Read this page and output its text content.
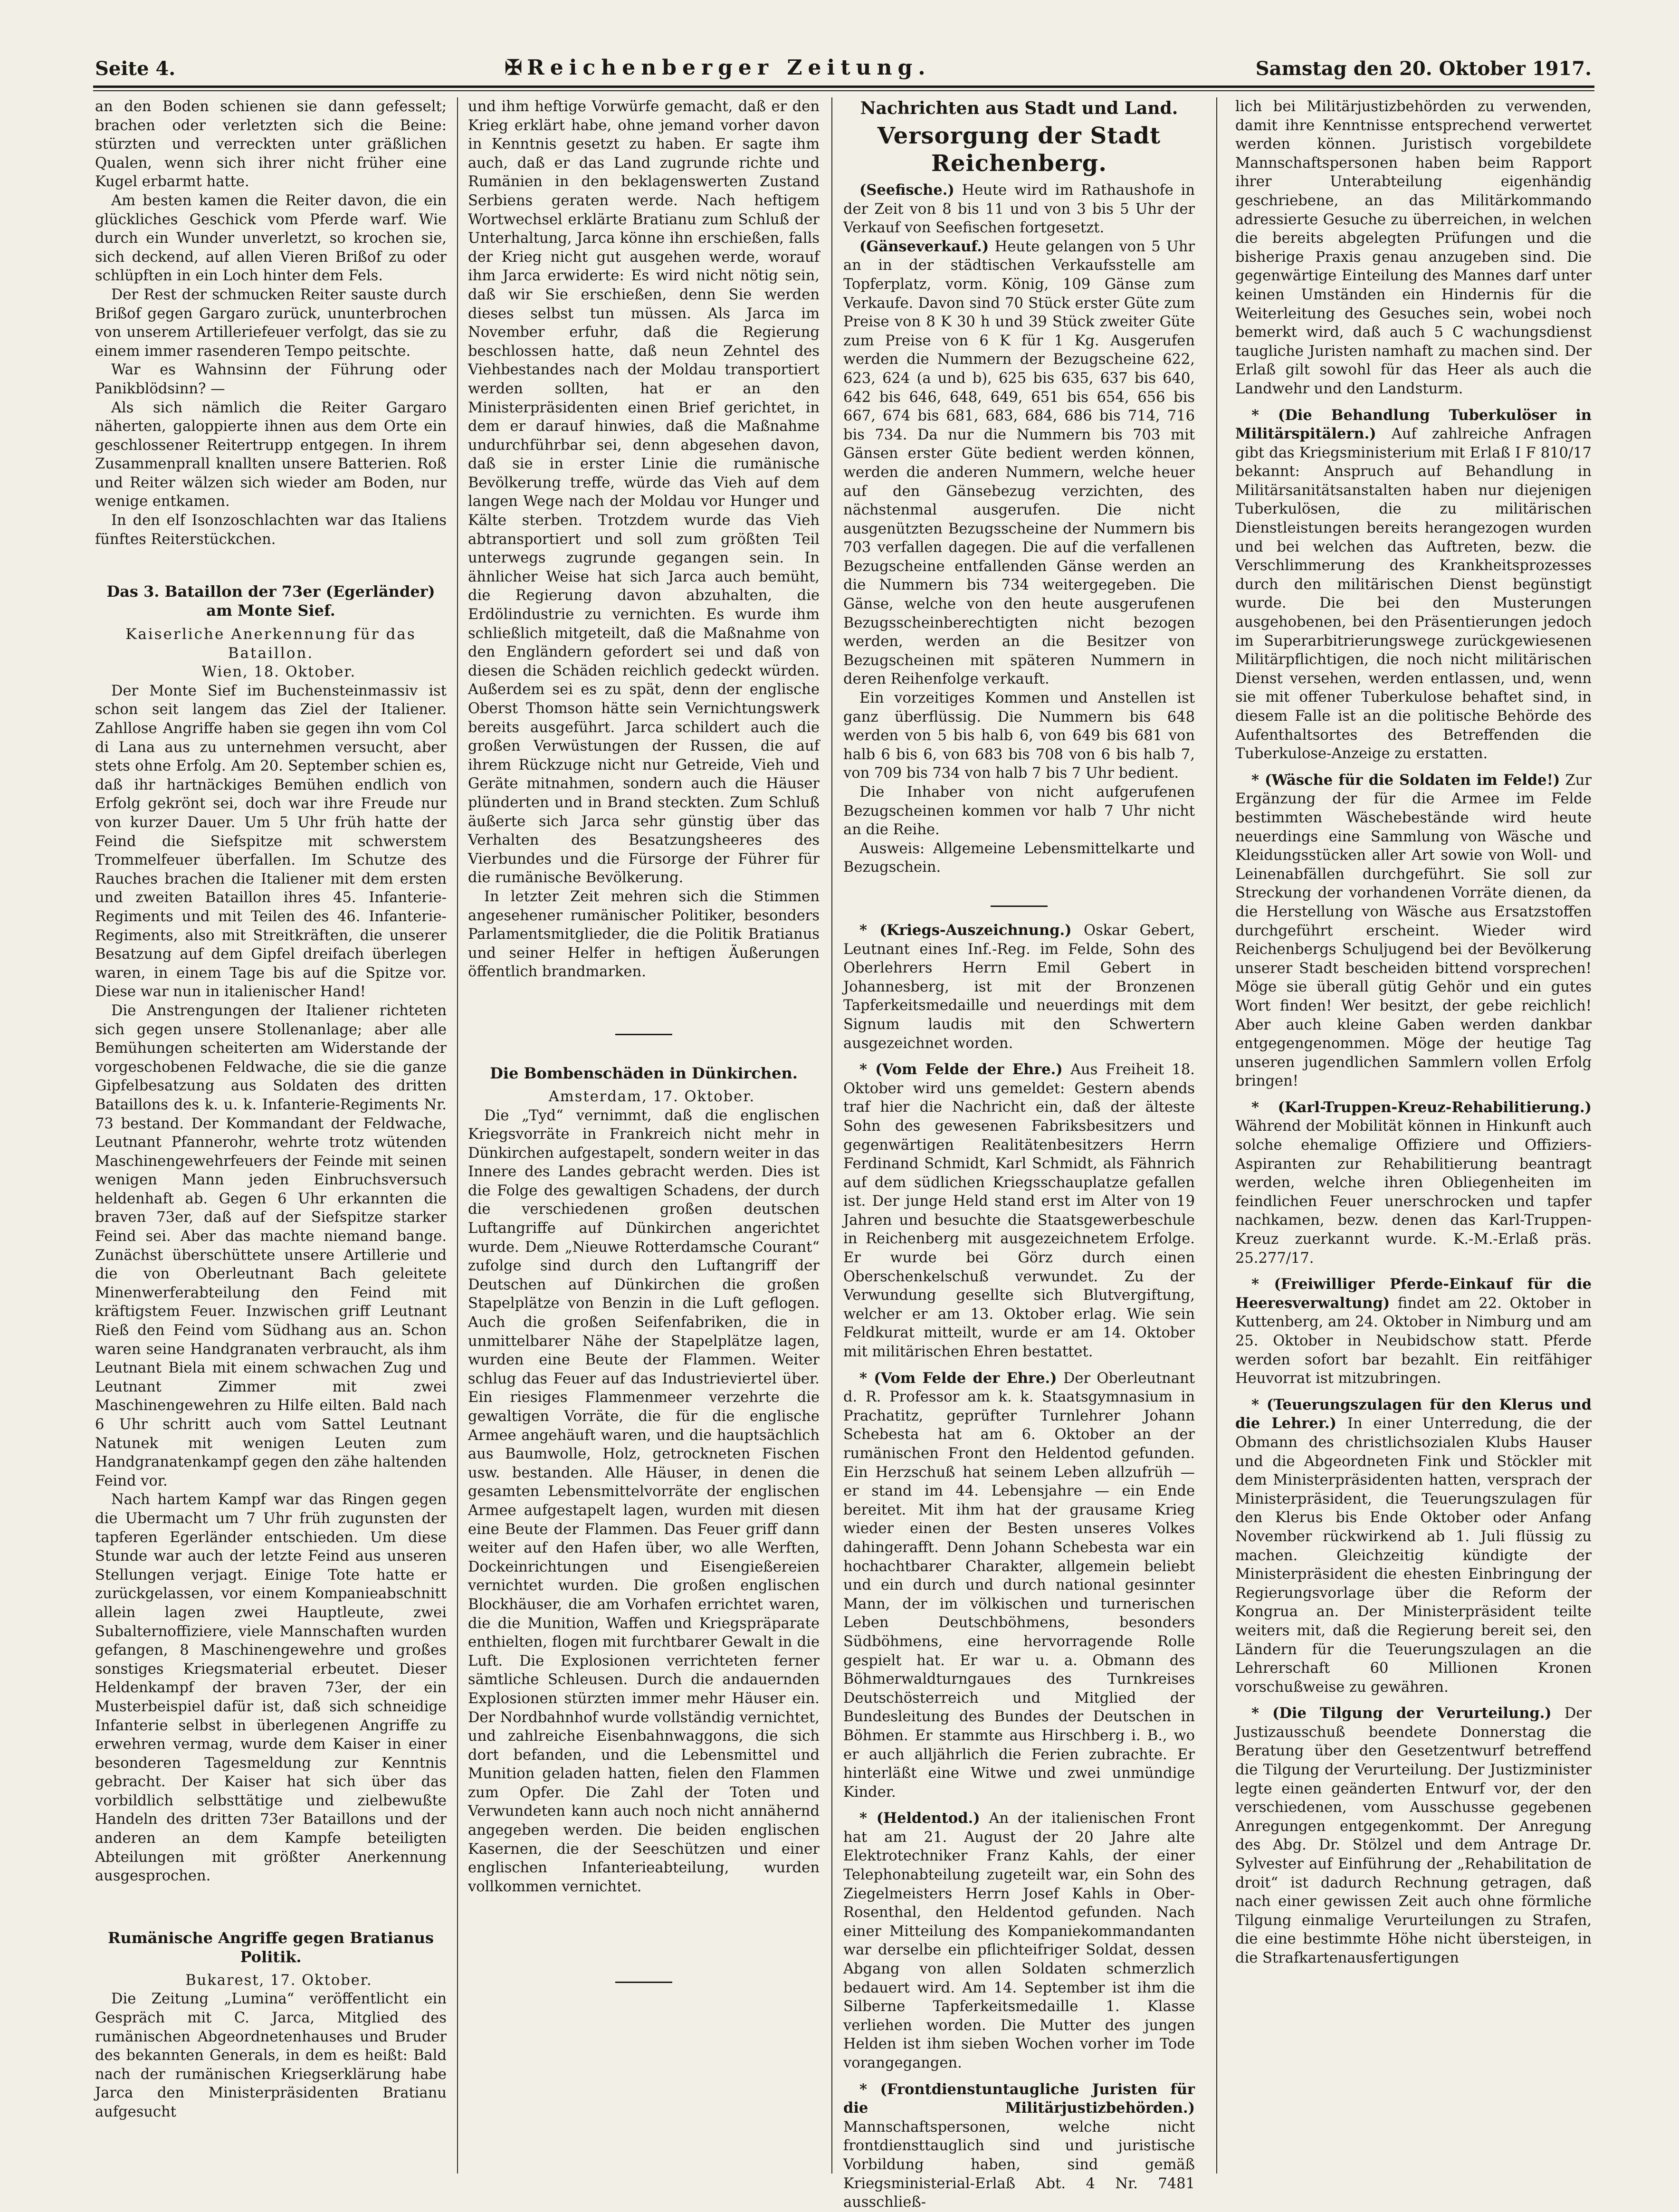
Seite 4.	✠ Reichenberger Zeitung.	Samstag den 20. Oktober 1917.

an den Boden schienen sie dann gefesselt; brachen oder verletzten sich die Beine: stürzten und verreckten unter gräßlichen Qualen, wenn sich ihrer nicht früher eine Kugel erbarmt hatte.

Am besten kamen die Reiter davon, die ein glückliches Geschick vom Pferde warf. Wie durch ein Wunder unverletzt, so krochen sie, sich deckend, auf allen Vieren Brißof zu oder schlüpften in ein Loch hinter dem Fels.

Der Rest der schmucken Reiter sauste durch Brißof gegen Gargaro zurück, ununterbrochen von unserem Artilleriefeuer verfolgt, das sie zu einem immer rasenderen Tempo peitschte.

War es Wahnsinn der Führung oder Panikblödsinn? —

Als sich nämlich die Reiter Gargaro näherten, galoppierte ihnen aus dem Orte ein geschlossener Reitertrupp entgegen. In ihrem Zusammenprall knallten unsere Batterien. Roß und Reiter wälzen sich wieder am Boden, nur wenige entkamen.

In den elf Isonzoschlachten war das Italiens fünftes Reiterstückchen.

Das 3. Bataillon der 73er (Egerländer) am Monte Sief.
Kaiserliche Anerkennung für das Bataillon.

Wien, 18. Oktober.

Der Monte Sief im Buchensteinmassiv ist schon seit langem das Ziel der Italiener. Zahllose Angriffe haben sie gegen ihn vom Col di Lana aus zu unternehmen versucht, aber stets ohne Erfolg. Am 20. September schien es, daß ihr hartnäckiges Bemühen endlich von Erfolg gekrönt sei, doch war ihre Freude nur von kurzer Dauer. Um 5 Uhr früh hatte der Feind die Siefspitze mit schwerstem Trommelfeuer überfallen. Im Schutze des Rauches brachen die Italiener mit dem ersten und zweiten Bataillon ihres 45. Infanterie-Regiments und mit Teilen des 46. Infanterie-Regiments, also mit Streitkräften, die unserer Besatzung auf dem Gipfel dreifach überlegen waren, in einem Tage bis auf die Spitze vor. Diese war nun in italienischer Hand!

Die Anstrengungen der Italiener richteten sich gegen unsere Stollenanlage; aber alle Bemühungen scheiterten am Widerstande der vorgeschobenen Feldwache, die sie die ganze Gipfelbesatzung aus Soldaten des dritten Bataillons des k. u. k. Infanterie-Regiments Nr. 73 bestand. Der Kommandant der Feldwache, Leutnant Pfannerohr, wehrte trotz wütenden Maschinengewehrfeuers der Feinde mit seinen wenigen Mann jeden Einbruchsversuch heldenhaft ab. Gegen 6 Uhr erkannten die braven 73er, daß auf der Siefspitze starker Feind sei. Aber das machte niemand bange. Zunächst überschüttete unsere Artillerie und die von Oberleutnant Bach geleitete Minenwerferabteilung den Feind mit kräftigstem Feuer. Inzwischen griff Leutnant Rieß den Feind vom Südhang aus an. Schon waren seine Handgranaten verbraucht, als ihm Leutnant Biela mit einem schwachen Zug und Leutnant Zimmer mit zwei Maschinengewehren zu Hilfe eilten. Bald nach 6 Uhr schritt auch vom Sattel Leutnant Natunek mit wenigen Leuten zum Handgranatenkampf gegen den zähe haltenden Feind vor.

Nach hartem Kampf war das Ringen gegen die Ubermacht um 7 Uhr früh zugunsten der tapferen Egerländer entschieden. Um diese Stunde war auch der letzte Feind aus unseren Stellungen verjagt. Einige Tote hatte er zurückgelassen, vor einem Kompanieabschnitt allein lagen zwei Hauptleute, zwei Subalternoffiziere, viele Mannschaften wurden gefangen, 8 Maschinengewehre und großes sonstiges Kriegsmaterial erbeutet. Dieser Heldenkampf der braven 73er, der ein Musterbeispiel dafür ist, daß sich schneidige Infanterie selbst in überlegenen Angriffe zu erwehren vermag, wurde dem Kaiser in einer besonderen Tagesmeldung zur Kenntnis gebracht. Der Kaiser hat sich über das vorbildlich selbsttätige und zielbewußte Handeln des dritten 73er Bataillons und der anderen an dem Kampfe beteiligten Abteilungen mit größter Anerkennung ausgesprochen.

Rumänische Angriffe gegen Bratianus Politik.

Bukarest, 17. Oktober.

Die Zeitung „Lumina“ veröffentlicht ein Gespräch mit C. Jarca, Mitglied des rumänischen Abgeordnetenhauses und Bruder des bekannten Generals, in dem es heißt: Bald nach der rumänischen Kriegserklärung habe Jarca den Ministerpräsidenten Bratianu aufgesucht

und ihm heftige Vorwürfe gemacht, daß er den Krieg erklärt habe, ohne jemand vorher davon in Kenntnis gesetzt zu haben. Er sagte ihm auch, daß er das Land zugrunde richte und Rumänien in den beklagenswerten Zustand Serbiens geraten werde. Nach heftigem Wortwechsel erklärte Bratianu zum Schluß der Unterhaltung, Jarca könne ihn erschießen, falls der Krieg nicht gut ausgehen werde, worauf ihm Jarca erwiderte: Es wird nicht nötig sein, daß wir Sie erschießen, denn Sie werden dieses selbst tun müssen. Als Jarca im November erfuhr, daß die Regierung beschlossen hatte, daß neun Zehntel des Viehbestandes nach der Moldau transportiert werden sollten, hat er an den Ministerpräsidenten einen Brief gerichtet, in dem er darauf hinwies, daß die Maßnahme undurchführbar sei, denn abgesehen davon, daß sie in erster Linie die rumänische Bevölkerung treffe, würde das Vieh auf dem langen Wege nach der Moldau vor Hunger und Kälte sterben. Trotzdem wurde das Vieh abtransportiert und soll zum größten Teil unterwegs zugrunde gegangen sein. In ähnlicher Weise hat sich Jarca auch bemüht, die Regierung davon abzuhalten, die Erdölindustrie zu vernichten. Es wurde ihm schließlich mitgeteilt, daß die Maßnahme von den Engländern gefordert sei und daß von diesen die Schäden reichlich gedeckt würden. Außerdem sei es zu spät, denn der englische Oberst Thomson hätte sein Vernichtungswerk bereits ausgeführt. Jarca schildert auch die großen Verwüstungen der Russen, die auf ihrem Rückzuge nicht nur Getreide, Vieh und Geräte mitnahmen, sondern auch die Häuser plünderten und in Brand steckten. Zum Schluß äußerte sich Jarca sehr günstig über das Verhalten des Besatzungsheeres des Vierbundes und die Fürsorge der Führer für die rumänische Bevölkerung.

In letzter Zeit mehren sich die Stimmen angesehener rumänischer Politiker, besonders Parlamentsmitglieder, die die Politik Bratianus und seiner Helfer in heftigen Äußerungen öffentlich brandmarken.

Die Bombenschäden in Dünkirchen.

Amsterdam, 17. Oktober.

Die „Tyd“ vernimmt, daß die englischen Kriegsvorräte in Frankreich nicht mehr in Dünkirchen aufgestapelt, sondern weiter in das Innere des Landes gebracht werden. Dies ist die Folge des gewaltigen Schadens, der durch die verschiedenen großen deutschen Luftangriffe auf Dünkirchen angerichtet wurde. Dem „Nieuwe Rotterdamsche Courant“ zufolge sind durch den Luftangriff der Deutschen auf Dünkirchen die großen Stapelplätze von Benzin in die Luft geflogen. Auch die großen Seifenfabriken, die in unmittelbarer Nähe der Stapelplätze lagen, wurden eine Beute der Flammen. Weiter schlug das Feuer auf das Industrieviertel über. Ein riesiges Flammenmeer verzehrte die gewaltigen Vorräte, die für die englische Armee angehäuft waren, und die hauptsächlich aus Baumwolle, Holz, getrockneten Fischen usw. bestanden. Alle Häuser, in denen die gesamten Lebensmittelvorräte der englischen Armee aufgestapelt lagen, wurden mit diesen eine Beute der Flammen. Das Feuer griff dann weiter auf den Hafen über, wo alle Werften, Dockeinrichtungen und Eisengießereien vernichtet wurden. Die großen englischen Blockhäuser, die am Vorhafen errichtet waren, die die Munition, Waffen und Kriegspräparate enthielten, flogen mit furchtbarer Gewalt in die Luft. Die Explosionen verrichteten ferner sämtliche Schleusen. Durch die andauernden Explosionen stürzten immer mehr Häuser ein. Der Nordbahnhof wurde vollständig vernichtet, und zahlreiche Eisenbahnwaggons, die sich dort befanden, und die Lebensmittel und Munition geladen hatten, fielen den Flammen zum Opfer. Die Zahl der Toten und Verwundeten kann auch noch nicht annähernd angegeben werden. Die beiden englischen Kasernen, die der Seeschützen und einer englischen Infanterieabteilung, wurden vollkommen vernichtet.

Nachrichten aus Stadt und Land.
Versorgung der Stadt Reichenberg.

(Seefische.) Heute wird im Rathaushofe in der Zeit von 8 bis 11 und von 3 bis 5 Uhr der Verkauf von Seefischen fortgesetzt.

(Gänseverkauf.) Heute gelangen von 5 Uhr an in der städtischen Verkaufsstelle am Topferplatz, vorm. König, 109 Gänse zum Verkaufe. Davon sind 70 Stück erster Güte zum Preise von 8 K 30 h und 39 Stück zweiter Güte zum Preise von 6 K für 1 Kg. Ausgerufen werden die Nummern der Bezugscheine 622, 623, 624 (a und b), 625 bis 635, 637 bis 640, 642 bis 646, 648, 649, 651 bis 654, 656 bis 667, 674 bis 681, 683, 684, 686 bis 714, 716 bis 734. Da nur die Nummern bis 703 mit Gänsen erster Güte bedient werden können, werden die anderen Nummern, welche heuer auf den Gänsebezug verzichten, des nächstenmal ausgerufen. Die nicht ausgenützten Bezugsscheine der Nummern bis 703 verfallen dagegen. Die auf die verfallenen Bezugscheine entfallenden Gänse werden an die Nummern bis 734 weitergegeben. Die Gänse, welche von den heute ausgerufenen Bezugsscheinberechtigten nicht bezogen werden, werden an die Besitzer von Bezugscheinen mit späteren Nummern in deren Reihenfolge verkauft.

Ein vorzeitiges Kommen und Anstellen ist ganz überflüssig. Die Nummern bis 648 werden von 5 bis halb 6, von 649 bis 681 von halb 6 bis 6, von 683 bis 708 von 6 bis halb 7, von 709 bis 734 von halb 7 bis 7 Uhr bedient.

Die Inhaber von nicht aufgerufenen Bezugscheinen kommen vor halb 7 Uhr nicht an die Reihe.

Ausweis: Allgemeine Lebensmittelkarte und Bezugschein.

* (Kriegs-Auszeichnung.) Oskar Gebert, Leutnant eines Inf.-Reg. im Felde, Sohn des Oberlehrers Herrn Emil Gebert in Johannesberg, ist mit der Bronzenen Tapferkeitsmedaille und neuerdings mit dem Signum laudis mit den Schwertern ausgezeichnet worden.

* (Vom Felde der Ehre.) Aus Freiheit 18. Oktober wird uns gemeldet: Gestern abends traf hier die Nachricht ein, daß der älteste Sohn des gewesenen Fabriksbesitzers und gegenwärtigen Realitätenbesitzers Herrn Ferdinand Schmidt, Karl Schmidt, als Fähnrich auf dem südlichen Kriegsschauplatze gefallen ist. Der junge Held stand erst im Alter von 19 Jahren und besuchte die Staatsgewerbeschule in Reichenberg mit ausgezeichnetem Erfolge. Er wurde bei Görz durch einen Oberschenkelschuß verwundet. Zu der Verwundung gesellte sich Blutvergiftung, welcher er am 13. Oktober erlag. Wie sein Feldkurat mitteilt, wurde er am 14. Oktober mit militärischen Ehren bestattet.

* (Vom Felde der Ehre.) Der Oberleutnant d. R. Professor am k. k. Staatsgymnasium in Prachatitz, geprüfter Turnlehrer Johann Schebesta hat am 6. Oktober an der rumänischen Front den Heldentod gefunden. Ein Herzschuß hat seinem Leben allzufrüh — er stand im 44. Lebensjahre — ein Ende bereitet. Mit ihm hat der grausame Krieg wieder einen der Besten unseres Volkes dahingerafft. Denn Johann Schebesta war ein hochachtbarer Charakter, allgemein beliebt und ein durch und durch national gesinnter Mann, der im völkischen und turnerischen Leben Deutschböhmens, besonders Südböhmens, eine hervorragende Rolle gespielt hat. Er war u. a. Obmann des Böhmerwaldturngaues des Turnkreises Deutschösterreich und Mitglied der Bundesleitung des Bundes der Deutschen in Böhmen. Er stammte aus Hirschberg i. B., wo er auch alljährlich die Ferien zubrachte. Er hinterläßt eine Witwe und zwei unmündige Kinder.

* (Heldentod.) An der italienischen Front hat am 21. August der 20 Jahre alte Elektrotechniker Franz Kahls, der einer Telephonabteilung zugeteilt war, ein Sohn des Ziegelmeisters Herrn Josef Kahls in Ober-Rosenthal, den Heldentod gefunden. Nach einer Mitteilung des Kompaniekommandanten war derselbe ein pflichteifriger Soldat, dessen Abgang von allen Soldaten schmerzlich bedauert wird. Am 14. September ist ihm die Silberne Tapferkeitsmedaille 1. Klasse verliehen worden. Die Mutter des jungen Helden ist ihm sieben Wochen vorher im Tode vorangegangen.

* (Frontdienstuntaugliche Juristen für die Militärjustizbehörden.) Mannschaftspersonen, welche nicht frontdiensttauglich sind und juristische Vorbildung haben, sind gemäß Kriegsministerial-Erlaß Abt. 4 Nr. 7481 ausschließ-

lich bei Militärjustizbehörden zu verwenden, damit ihre Kenntnisse entsprechend verwertet werden können. Juristisch vorgebildete Mannschaftspersonen haben beim Rapport ihrer Unterabteilung eigenhändig geschriebene, an das Militärkommando adressierte Gesuche zu überreichen, in welchen die bereits abgelegten Prüfungen und die bisherige Praxis genau anzugeben sind. Die gegenwärtige Einteilung des Mannes darf unter keinen Umständen ein Hindernis für die Weiterleitung des Gesuches sein, wobei noch bemerkt wird, daß auch 5 C wachungsdienst taugliche Juristen namhaft zu machen sind. Der Erlaß gilt sowohl für das Heer als auch die Landwehr und den Landsturm.

* (Die Behandlung Tuberkulöser in Militärspitälern.) Auf zahlreiche Anfragen gibt das Kriegsministerium mit Erlaß I F 810/17 bekannt: Anspruch auf Behandlung in Militärsanitätsanstalten haben nur diejenigen Tuberkulösen, die zu militärischen Dienstleistungen bereits herangezogen wurden und bei welchen das Auftreten, bezw. die Verschlimmerung des Krankheitsprozesses durch den militärischen Dienst begünstigt wurde. Die bei den Musterungen ausgehobenen, bei den Präsentierungen jedoch im Superarbitrierungswege zurückgewiesenen Militärpflichtigen, die noch nicht militärischen Dienst versehen, werden entlassen, und, wenn sie mit offener Tuberkulose behaftet sind, in diesem Falle ist an die politische Behörde des Aufenthaltsortes des Betreffenden die Tuberkulose-Anzeige zu erstatten.

* (Wäsche für die Soldaten im Felde!) Zur Ergänzung der für die Armee im Felde bestimmten Wäschebestände wird heute neuerdings eine Sammlung von Wäsche und Kleidungsstücken aller Art sowie von Woll- und Leinenabfällen durchgeführt. Sie soll zur Streckung der vorhandenen Vorräte dienen, da die Herstellung von Wäsche aus Ersatzstoffen durchgeführt erscheint. Wieder wird Reichenbergs Schuljugend bei der Bevölkerung unserer Stadt bescheiden bittend vorsprechen! Möge sie überall gütig Gehör und ein gutes Wort finden! Wer besitzt, der gebe reichlich! Aber auch kleine Gaben werden dankbar entgegengenommen. Möge der heutige Tag unseren jugendlichen Sammlern vollen Erfolg bringen!

* (Karl-Truppen-Kreuz-Rehabilitierung.) Während der Mobilität können in Hinkunft auch solche ehemalige Offiziere und Offiziers-Aspiranten zur Rehabilitierung beantragt werden, welche ihren Obliegenheiten im feindlichen Feuer unerschrocken und tapfer nachkamen, bezw. denen das Karl-Truppen-Kreuz zuerkannt wurde. K.-M.-Erlaß präs. 25.277/17.

* (Freiwilliger Pferde-Einkauf für die Heeresverwaltung) findet am 22. Oktober in Kuttenberg, am 24. Oktober in Nimburg und am 25. Oktober in Neubidschow statt. Pferde werden sofort bar bezahlt. Ein reitfähiger Heuvorrat ist mitzubringen.

* (Teuerungszulagen für den Klerus und die Lehrer.) In einer Unterredung, die der Obmann des christlichsozialen Klubs Hauser und die Abgeordneten Fink und Stöckler mit dem Ministerpräsidenten hatten, versprach der Ministerpräsident, die Teuerungszulagen für den Klerus bis Ende Oktober oder Anfang November rückwirkend ab 1. Juli flüssig zu machen. Gleichzeitig kündigte der Ministerpräsident die ehesten Einbringung der Regierungsvorlage über die Reform der Kongrua an. Der Ministerpräsident teilte weiters mit, daß die Regierung bereit sei, den Ländern für die Teuerungszulagen an die Lehrerschaft 60 Millionen Kronen vorschußweise zu gewähren.

* (Die Tilgung der Verurteilung.) Der Justizausschuß beendete Donnerstag die Beratung über den Gesetzentwurf betreffend die Tilgung der Verurteilung. Der Justizminister legte einen geänderten Entwurf vor, der den verschiedenen, vom Ausschusse gegebenen Anregungen entgegenkommt. Der Anregung des Abg. Dr. Stölzel und dem Antrage Dr. Sylvester auf Einführung der „Rehabilitation de droit“ ist dadurch Rechnung getragen, daß nach einer gewissen Zeit auch ohne förmliche Tilgung einmalige Verurteilungen zu Strafen, die eine bestimmte Höhe nicht übersteigen, in die Strafkartenausfertigungen
